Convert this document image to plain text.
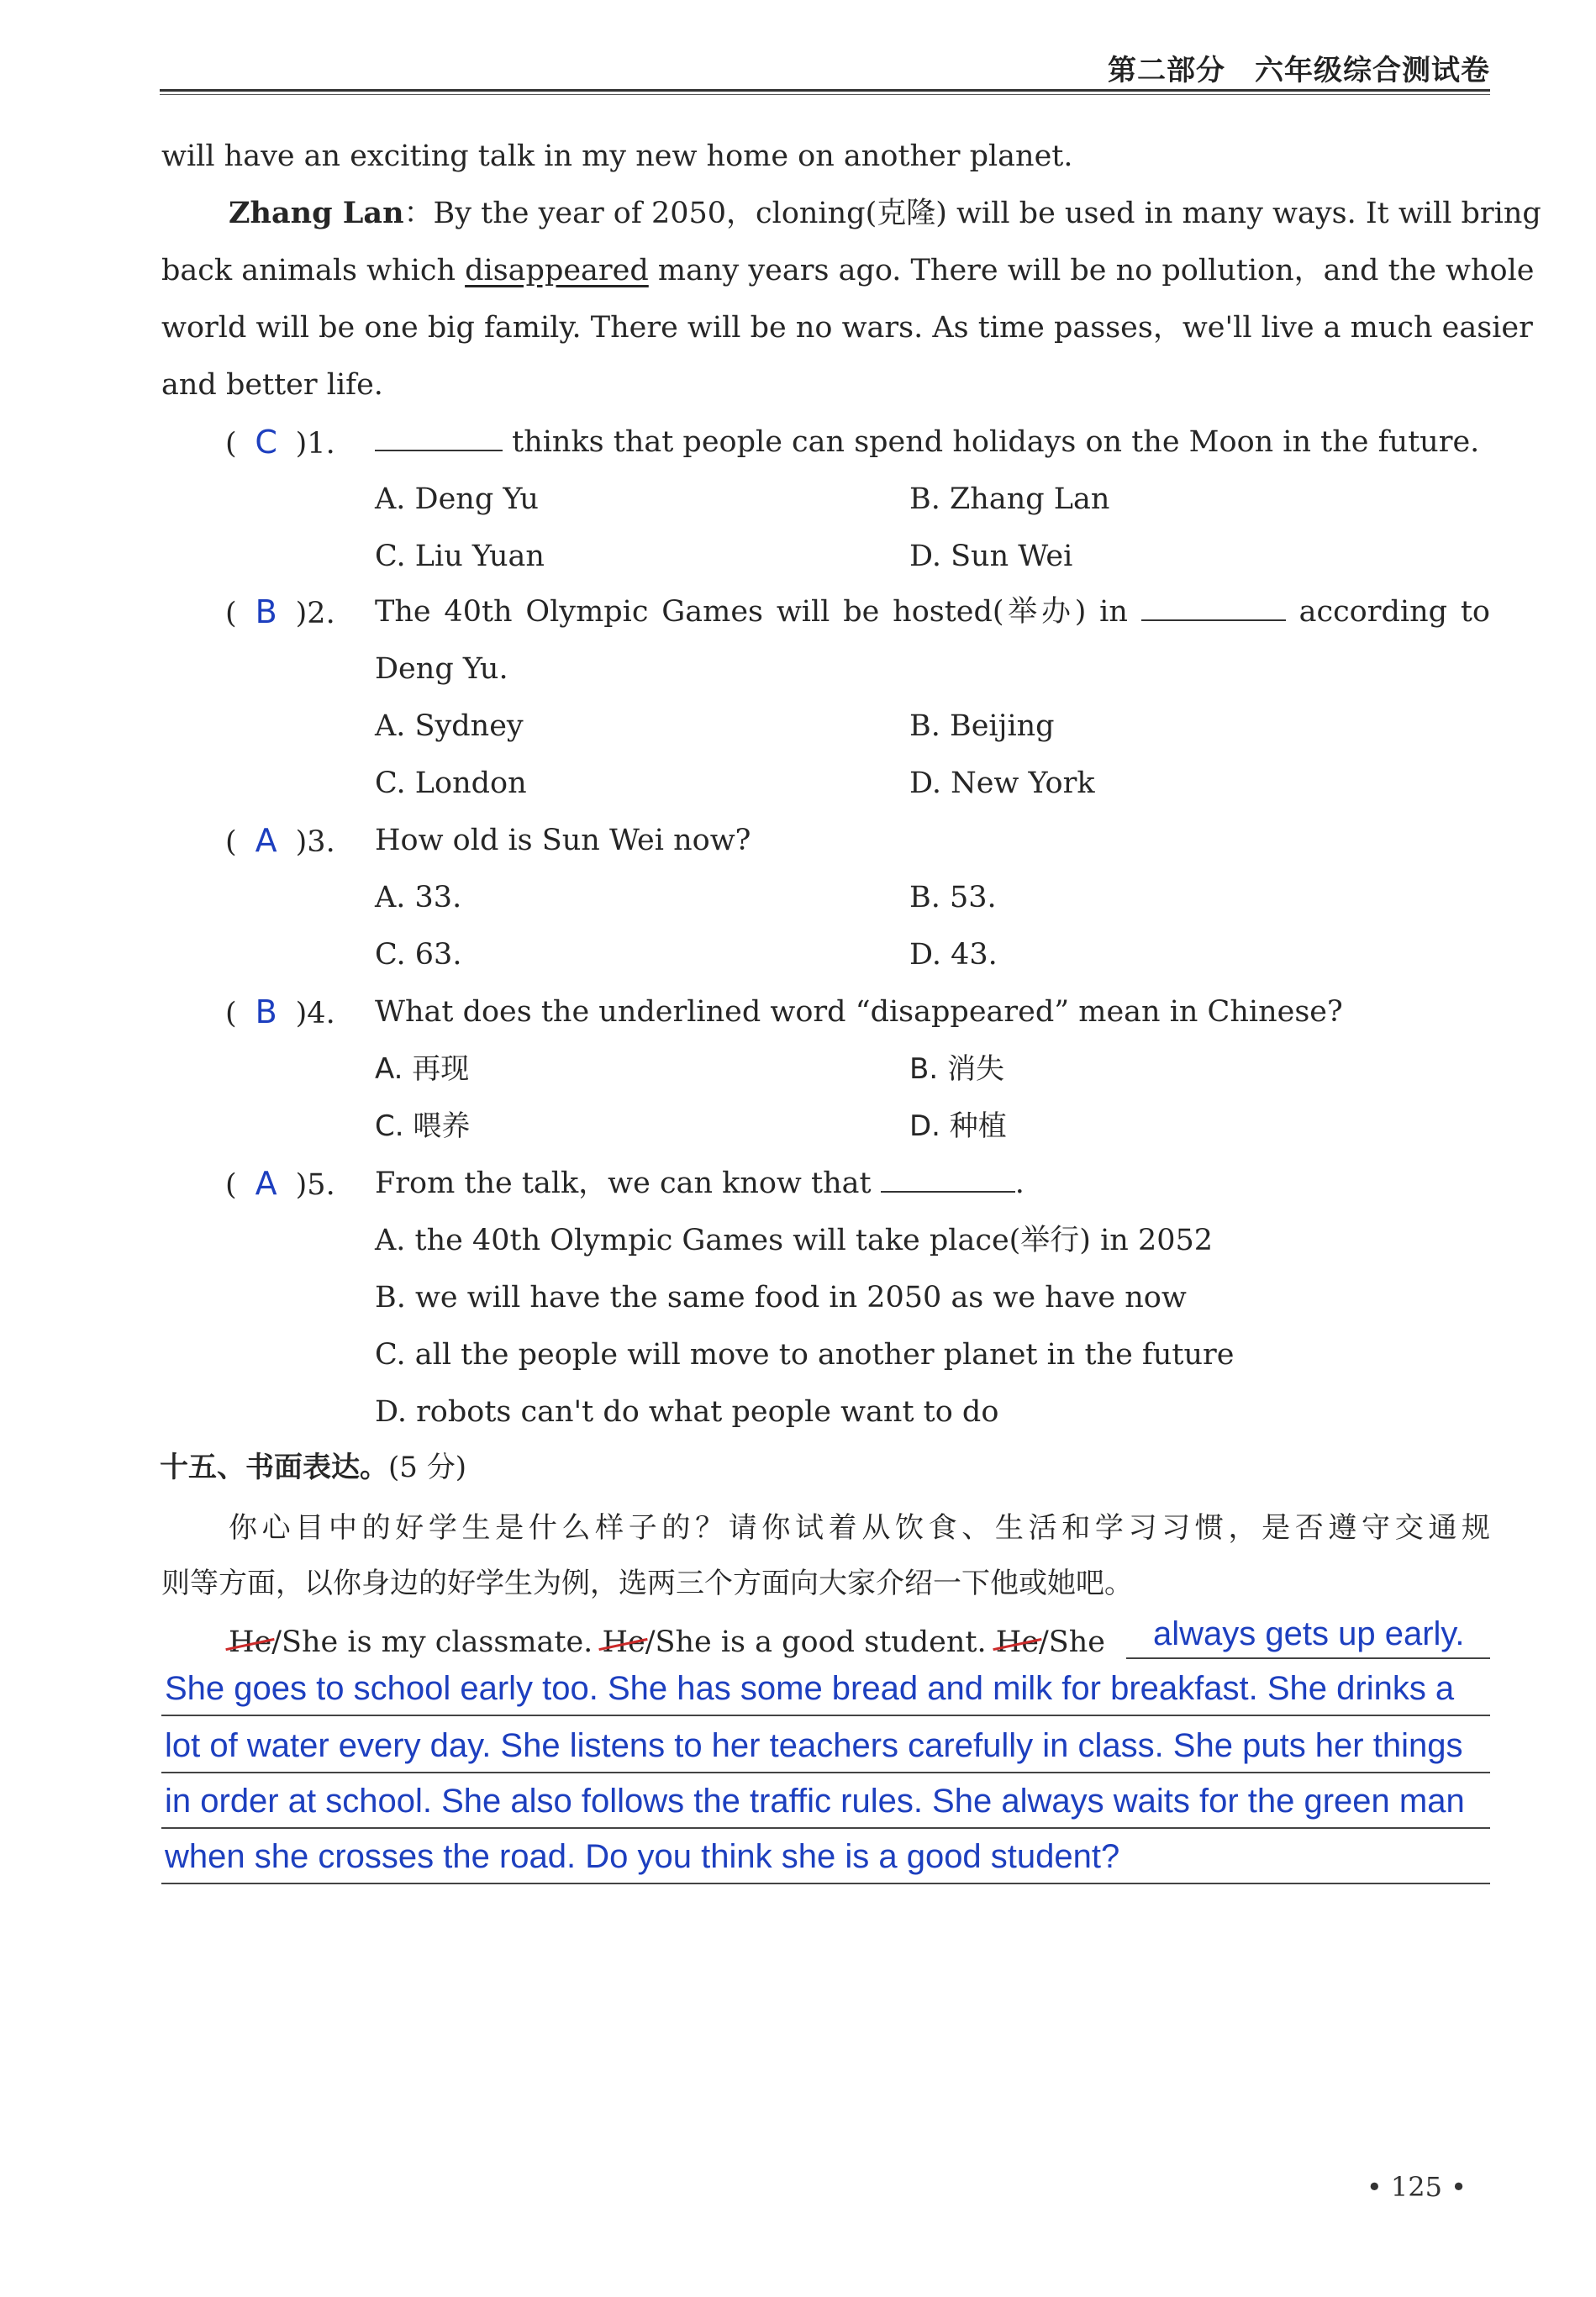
第二部分　六年级综合测试卷
will have an exciting talk in my new home on another planet.
Zhang Lan：By the year of 2050，cloning(克隆) will be used in many ways. It will bring
back animals which disappeared many years ago. There will be no pollution，and the whole
world will be one big family. There will be no wars. As time passes，we'll live a much easier
and better life.
( C )1.	thinks that people can spend holidays on the Moon in the future.
A. Deng Yu	B. Zhang Lan
C. Liu Yuan	D. Sun Wei
( B )2. The 40th Olympic Games will be hosted(举办) in	according to
Deng Yu.
A. Sydney	B. Beijing
C. London	D. New York
( A )3. How old is Sun Wei now?
A. 33.	B. 53.
C. 63.	D. 43.
( B )4. What does the underlined word “disappeared” mean in Chinese?
A. 再现	B. 消失
C. 喂养	D. 种植
( A )5. From the talk，we can know that	.
A. the 40th Olympic Games will take place(举行) in 2052
B. we will have the same food in 2050 as we have now
C. all the people will move to another planet in the future
D. robots can't do what people want to do
十五、书面表达。(5 分)
你心目中的好学生是什么样子的？请你试着从饮食、生活和学习习惯，是否遵守交通规
则等方面，以你身边的好学生为例，选两三个方面向大家介绍一下他或她吧。
He/She is my classmate. He/She is a good student. He/She	always gets up early.
She goes to school early too. She has some bread and milk for breakfast. She drinks a
lot of water every day. She listens to her teachers carefully in class. She puts her things
in order at school. She also follows the traffic rules. She always waits for the green man
when she crosses the road. Do you think she is a good student?
• 125 •
